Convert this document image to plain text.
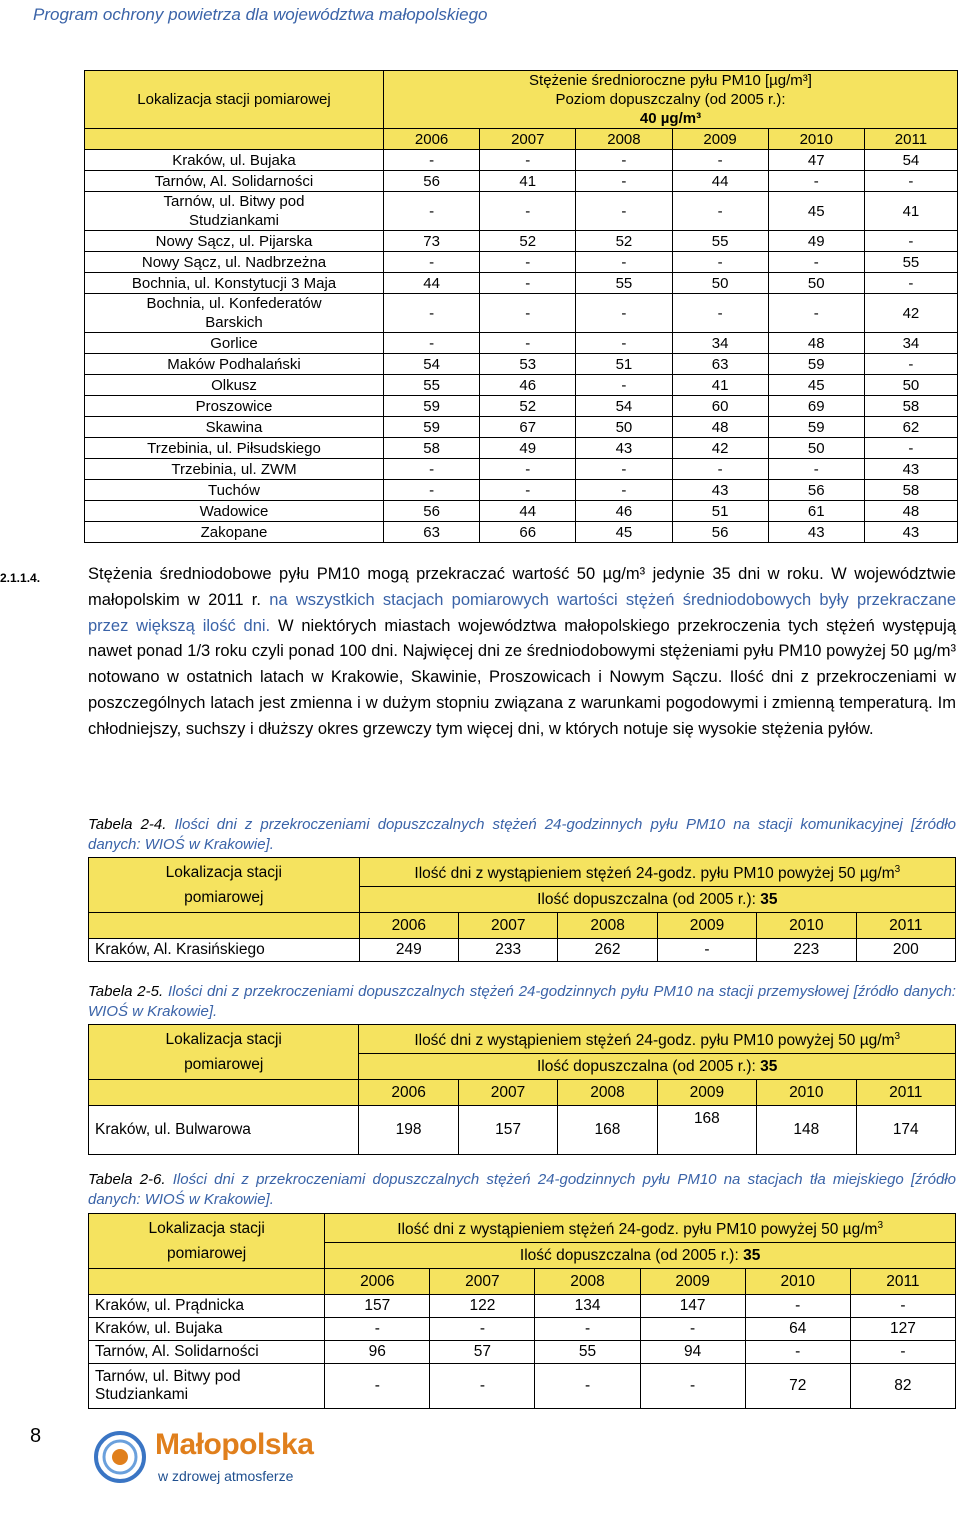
Program ochrony powietrza dla województwa małopolskiego
Lokalizacja stacji pomiarowej	Stężenie średnioroczne pyłu PM10 [µg/m³]
Poziom dopuszczalny (od 2005 r.):
40 µg/m³					

	2006	2007	2008	2009	2010	2011

Kraków, ul. Bujaka	-	-	-	-	47	54

Tarnów, Al. Solidarności	56	41	-	44	-	-

Tarnów, ul. Bitwy pod
Studziankami	-	-	-	-	45	41

Nowy Sącz, ul. Pijarska	73	52	52	55	49	-

Nowy Sącz, ul. Nadbrzeżna	-	-	-	-	-	55

Bochnia, ul. Konstytucji 3 Maja	44	-	55	50	50	-

Bochnia, ul. Konfederatów
Barskich	-	-	-	-	-	42

Gorlice	-	-	-	34	48	34

Maków Podhalański	54	53	51	63	59	-

Olkusz	55	46	-	41	45	50

Proszowice	59	52	54	60	69	58

Skawina	59	67	50	48	59	62

Trzebinia, ul. Piłsudskiego	58	49	43	42	50	-

Trzebinia, ul. ZWM	-	-	-	-	-	43

Tuchów	-	-	-	43	56	58

Wadowice	56	44	46	51	61	48

Zakopane	63	66	45	56	43	43
2.1.1.4.	Stężenia średniodobowe pyłu PM10 mogą przekraczać wartość 50 µg/m³ jedynie 35 dni w roku. W województwie małopolskim w 2011 r. na wszystkich stacjach pomiarowych wartości stężeń średniodobowych były przekraczane przez większą ilość dni. W niektórych miastach województwa małopolskiego przekroczenia tych stężeń występują nawet ponad 1/3 roku czyli ponad 100 dni. Najwięcej dni ze średniodobowymi stężeniami pyłu PM10 powyżej 50 µg/m³ notowano w ostatnich latach w Krakowie, Skawinie, Proszowicach i Nowym Sączu. Ilość dni z przekroczeniami w poszczególnych latach jest zmienna i w dużym stopniu związana z warunkami pogodowymi i zmienną temperaturą. Im chłodniejszy, suchszy i dłuższy okres grzewczy tym więcej dni, w których notuje się wysokie stężenia pyłów.
Tabela 2-4. Ilości dni z przekroczeniami dopuszczalnych stężeń 24-godzinnych pyłu PM10 na stacji komunikacyjnej [źródło danych: WIOŚ w Krakowie].
Lokalizacja stacji
pomiarowej	Ilość dni z wystąpieniem stężeń 24-godz. pyłu PM10 powyżej 50 $\mu g/m^3$
	Ilość dopuszczalna (od 2005 r.): 35					
	2006	2007	2008	2009	2010	2011
Kraków, Al. Krasińskiego	249	233	262	-	223	200
Tabela 2-5. Ilości dni z przekroczeniami dopuszczalnych stężeń 24-godzinnych pyłu PM10 na stacji przemysłowej [źródło danych: WIOŚ w Krakowie].
Lokalizacja stacji
pomiarowej	Ilość dni z wystąpieniem stężeń 24-godz. pyłu PM10 powyżej 50 $\mu g/m^3$
	Ilość dopuszczalna (od 2005 r.): 35					
	2006	2007	2008	2009	2010	2011
Kraków, ul. Bulwarowa	198	157	168	168	148	174
Tabela 2-6. Ilości dni z przekroczeniami dopuszczalnych stężeń 24-godzinnych pyłu PM10 na stacjach tła miejskiego [źródło danych: WIOŚ w Krakowie].
Lokalizacja stacji
pomiarowej	Ilość dni z wystąpieniem stężeń 24-godz. pyłu PM10 powyżej 50 $\mu g/m^3$
	Ilość dopuszczalna (od 2005 r.): 35					
	2006	2007	2008	2009	2010	2011
Kraków, ul. Prądnicka	157	122	134	147	-	-
Kraków, ul. Bujaka	-	-	-	-	64	127
Tarnów, Al. Solidarności	96	57	55	94	-	-
Tarnów, ul. Bitwy pod Studziankami	-	-	-	-	72	82
8	Małopolska
w zdrowej atmosferze
